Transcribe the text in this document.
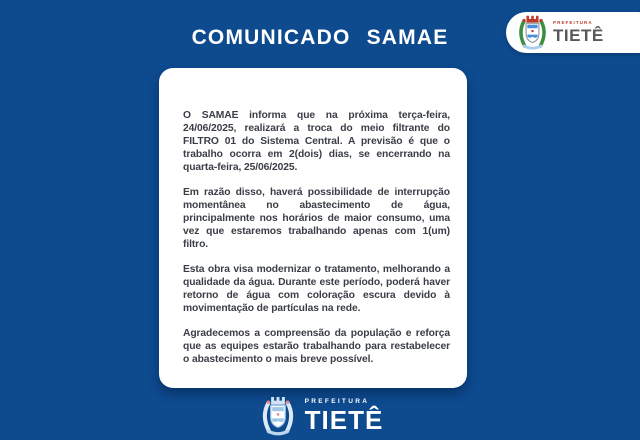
COMUNICADO SAMAE
PREFEITURA
TIETÊ

O SAMAE informa que na próxima terça-feira, 24/06/2025, realizará a troca do meio filtrante do FILTRO 01 do Sistema Central. A previsão é que o trabalho ocorra em 2(dois) dias, se encerrando na quarta-feira, 25/06/2025.

Em razão disso, haverá possibilidade de interrupção momentânea no abastecimento de água, principalmente nos horários de maior consumo, uma vez que estaremos trabalhando apenas com 1(um) filtro.

Esta obra visa modernizar o tratamento, melhorando a qualidade da água. Durante este período, poderá haver retorno de água com coloração escura devido à movimentação de partículas na rede.

Agradecemos a compreensão da população e reforça que as equipes estarão trabalhando para restabelecer o abastecimento o mais breve possível.

PREFEITURA
TIETÊ
